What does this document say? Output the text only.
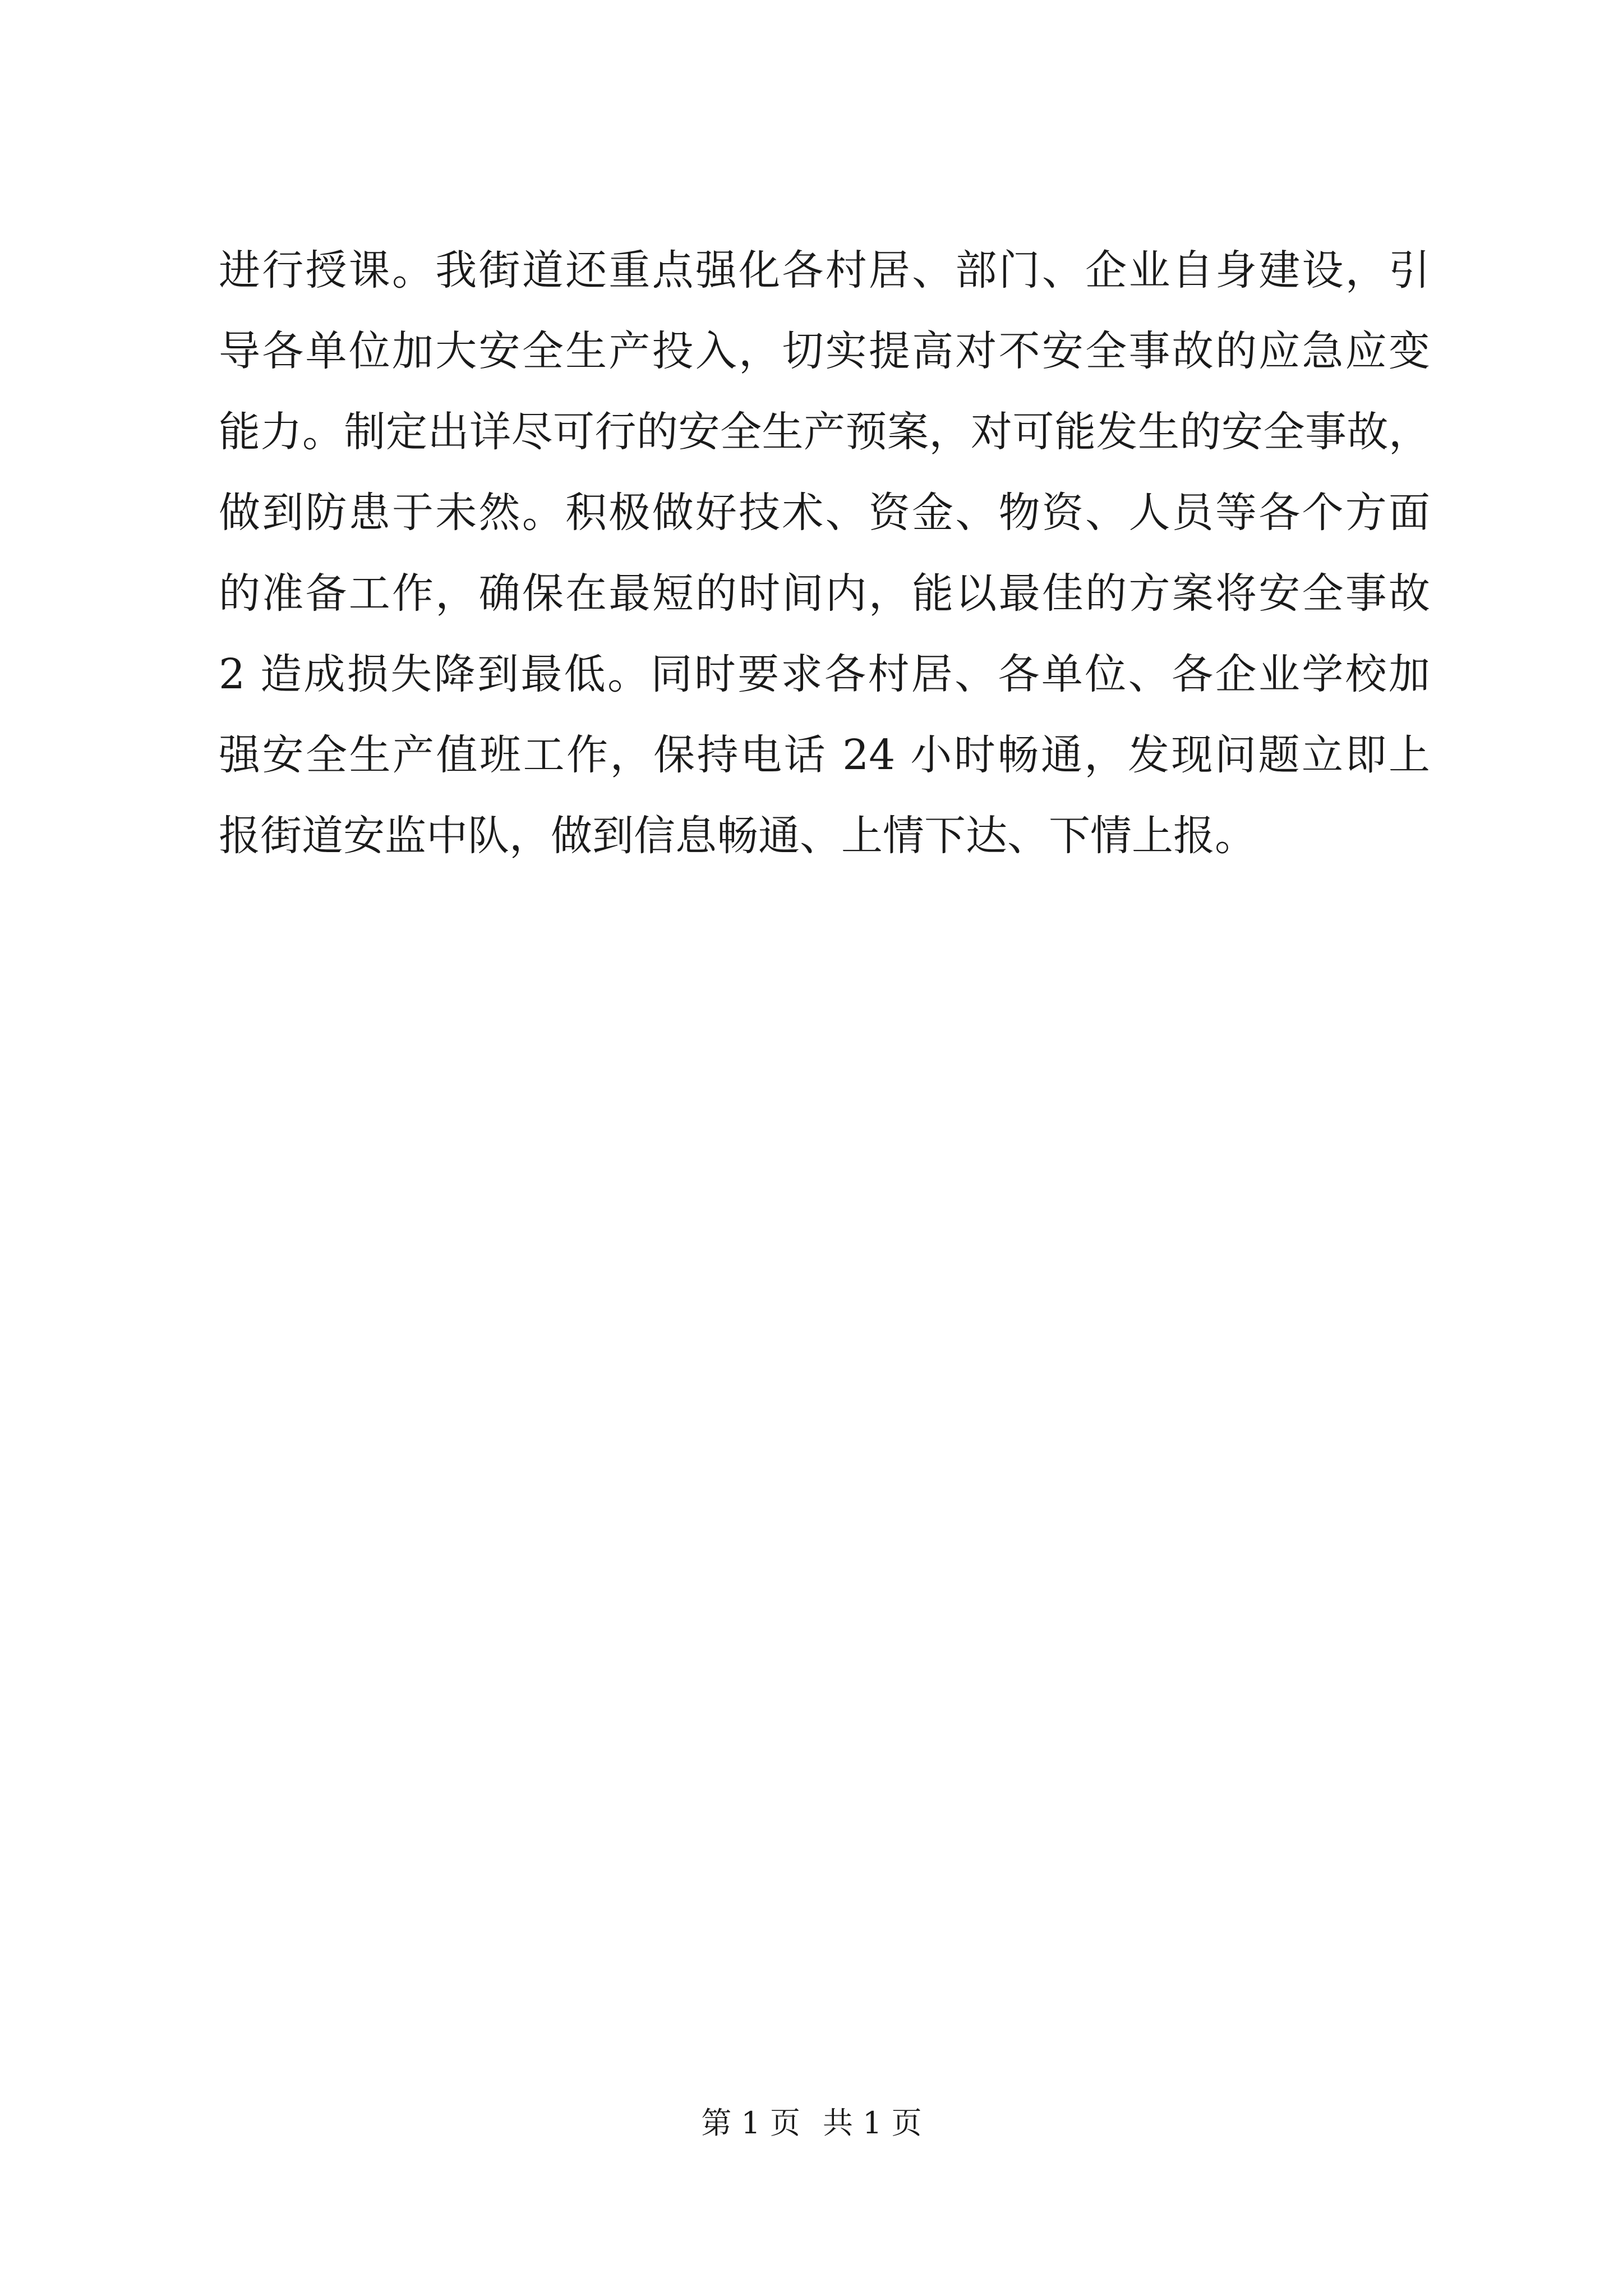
进行授课。我街道还重点强化各村居、部门、企业自身建设，引
导各单位加大安全生产投入，切实提高对不安全事故的应急应变
能力。制定出详尽可行的安全生产预案，对可能发生的安全事故，
做到防患于未然。积极做好技术、资金、物资、人员等各个方面
的准备工作，确保在最短的时间内，能以最佳的方案将安全事故
2 造成损失降到最低。同时要求各村居、各单位、各企业学校加
强安全生产值班工作，保持电话 24 小时畅通，发现问题立即上
报街道安监中队，做到信息畅通、上情下达、下情上报。
第 1 页 共 1 页
